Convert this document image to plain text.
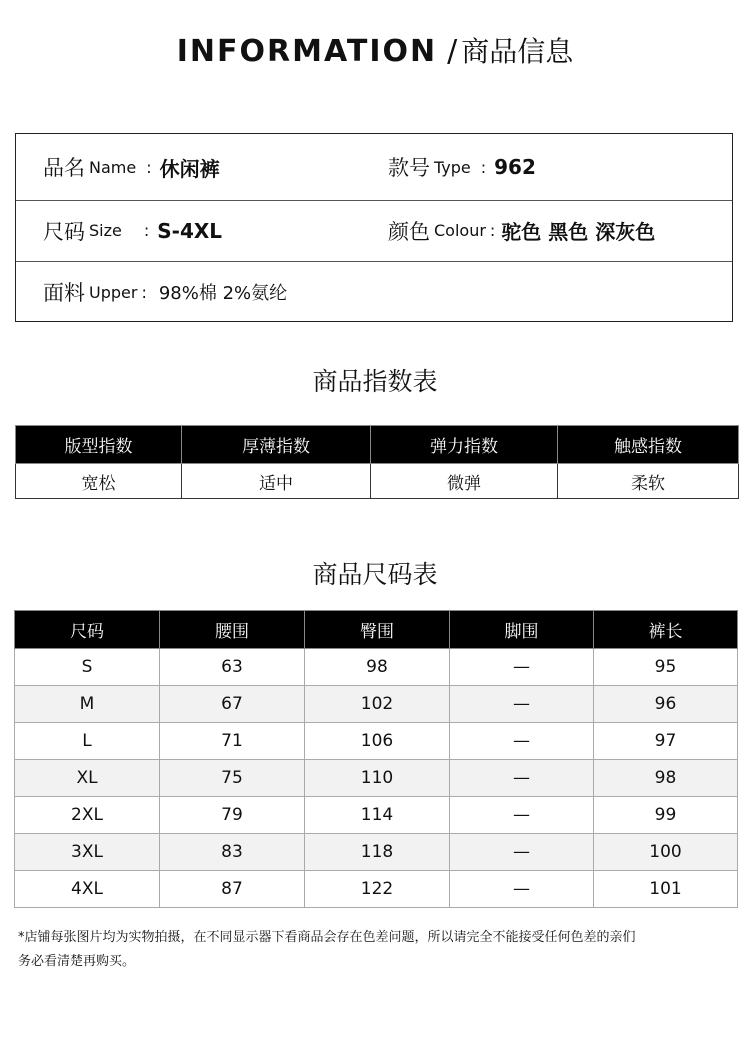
INFORMATION / 商品信息
品名 Name : 休闲裤	款号 Type : 962
尺码 Size : S-4XL	颜色 Colour : 驼色 黑色 深灰色
面料 Upper : 98%棉 2%氨纶
商品指数表
版型指数	厚薄指数	弹力指数	触感指数
宽松	适中	微弹	柔软
商品尺码表
尺码	腰围	臀围	脚围	裤长
S	63	98	—	95
M	67	102	—	96
L	71	106	—	97
XL	75	110	—	98
2XL	79	114	—	99
3XL	83	118	—	100
4XL	87	122	—	101
*店铺每张图片均为实物拍摄，在不同显示器下看商品会存在色差问题，所以请完全不能接受任何色差的亲们
务必看清楚再购买。
